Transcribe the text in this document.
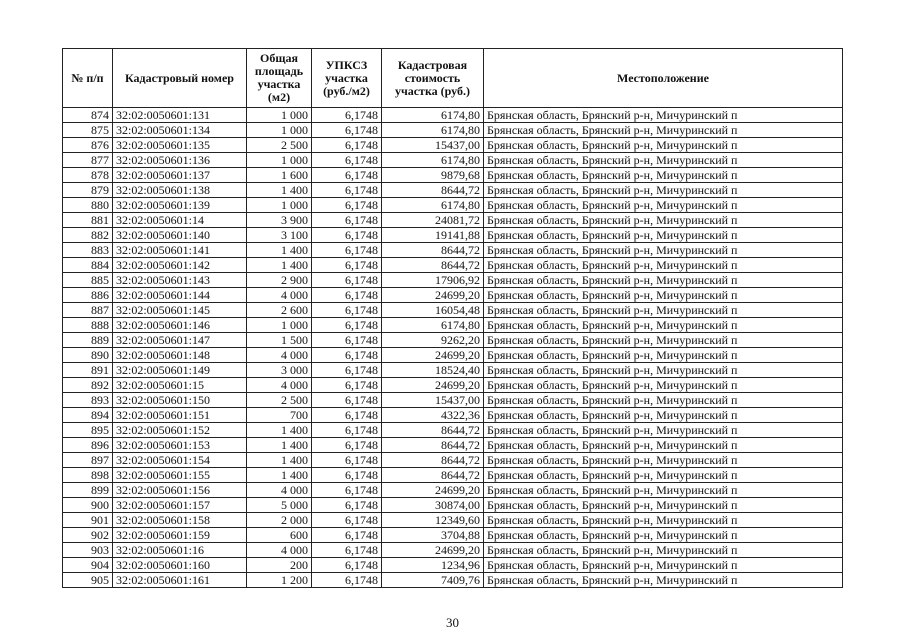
№ п/п	Кадастровый номер	Общая площадь участка (м2)	УПКСЗ участка (руб./м2)	Кадастровая стоимость участка (руб.)	Местоположение
874	32:02:0050601:131	1 000	6,1748	6174,80	Брянская область, Брянский р-н, Мичуринский п
875	32:02:0050601:134	1 000	6,1748	6174,80	Брянская область, Брянский р-н, Мичуринский п
876	32:02:0050601:135	2 500	6,1748	15437,00	Брянская область, Брянский р-н, Мичуринский п
877	32:02:0050601:136	1 000	6,1748	6174,80	Брянская область, Брянский р-н, Мичуринский п
878	32:02:0050601:137	1 600	6,1748	9879,68	Брянская область, Брянский р-н, Мичуринский п
879	32:02:0050601:138	1 400	6,1748	8644,72	Брянская область, Брянский р-н, Мичуринский п
880	32:02:0050601:139	1 000	6,1748	6174,80	Брянская область, Брянский р-н, Мичуринский п
881	32:02:0050601:14	3 900	6,1748	24081,72	Брянская область, Брянский р-н, Мичуринский п
882	32:02:0050601:140	3 100	6,1748	19141,88	Брянская область, Брянский р-н, Мичуринский п
883	32:02:0050601:141	1 400	6,1748	8644,72	Брянская область, Брянский р-н, Мичуринский п
884	32:02:0050601:142	1 400	6,1748	8644,72	Брянская область, Брянский р-н, Мичуринский п
885	32:02:0050601:143	2 900	6,1748	17906,92	Брянская область, Брянский р-н, Мичуринский п
886	32:02:0050601:144	4 000	6,1748	24699,20	Брянская область, Брянский р-н, Мичуринский п
887	32:02:0050601:145	2 600	6,1748	16054,48	Брянская область, Брянский р-н, Мичуринский п
888	32:02:0050601:146	1 000	6,1748	6174,80	Брянская область, Брянский р-н, Мичуринский п
889	32:02:0050601:147	1 500	6,1748	9262,20	Брянская область, Брянский р-н, Мичуринский п
890	32:02:0050601:148	4 000	6,1748	24699,20	Брянская область, Брянский р-н, Мичуринский п
891	32:02:0050601:149	3 000	6,1748	18524,40	Брянская область, Брянский р-н, Мичуринский п
892	32:02:0050601:15	4 000	6,1748	24699,20	Брянская область, Брянский р-н, Мичуринский п
893	32:02:0050601:150	2 500	6,1748	15437,00	Брянская область, Брянский р-н, Мичуринский п
894	32:02:0050601:151	700	6,1748	4322,36	Брянская область, Брянский р-н, Мичуринский п
895	32:02:0050601:152	1 400	6,1748	8644,72	Брянская область, Брянский р-н, Мичуринский п
896	32:02:0050601:153	1 400	6,1748	8644,72	Брянская область, Брянский р-н, Мичуринский п
897	32:02:0050601:154	1 400	6,1748	8644,72	Брянская область, Брянский р-н, Мичуринский п
898	32:02:0050601:155	1 400	6,1748	8644,72	Брянская область, Брянский р-н, Мичуринский п
899	32:02:0050601:156	4 000	6,1748	24699,20	Брянская область, Брянский р-н, Мичуринский п
900	32:02:0050601:157	5 000	6,1748	30874,00	Брянская область, Брянский р-н, Мичуринский п
901	32:02:0050601:158	2 000	6,1748	12349,60	Брянская область, Брянский р-н, Мичуринский п
902	32:02:0050601:159	600	6,1748	3704,88	Брянская область, Брянский р-н, Мичуринский п
903	32:02:0050601:16	4 000	6,1748	24699,20	Брянская область, Брянский р-н, Мичуринский п
904	32:02:0050601:160	200	6,1748	1234,96	Брянская область, Брянский р-н, Мичуринский п
905	32:02:0050601:161	1 200	6,1748	7409,76	Брянская область, Брянский р-н, Мичуринский п
30
